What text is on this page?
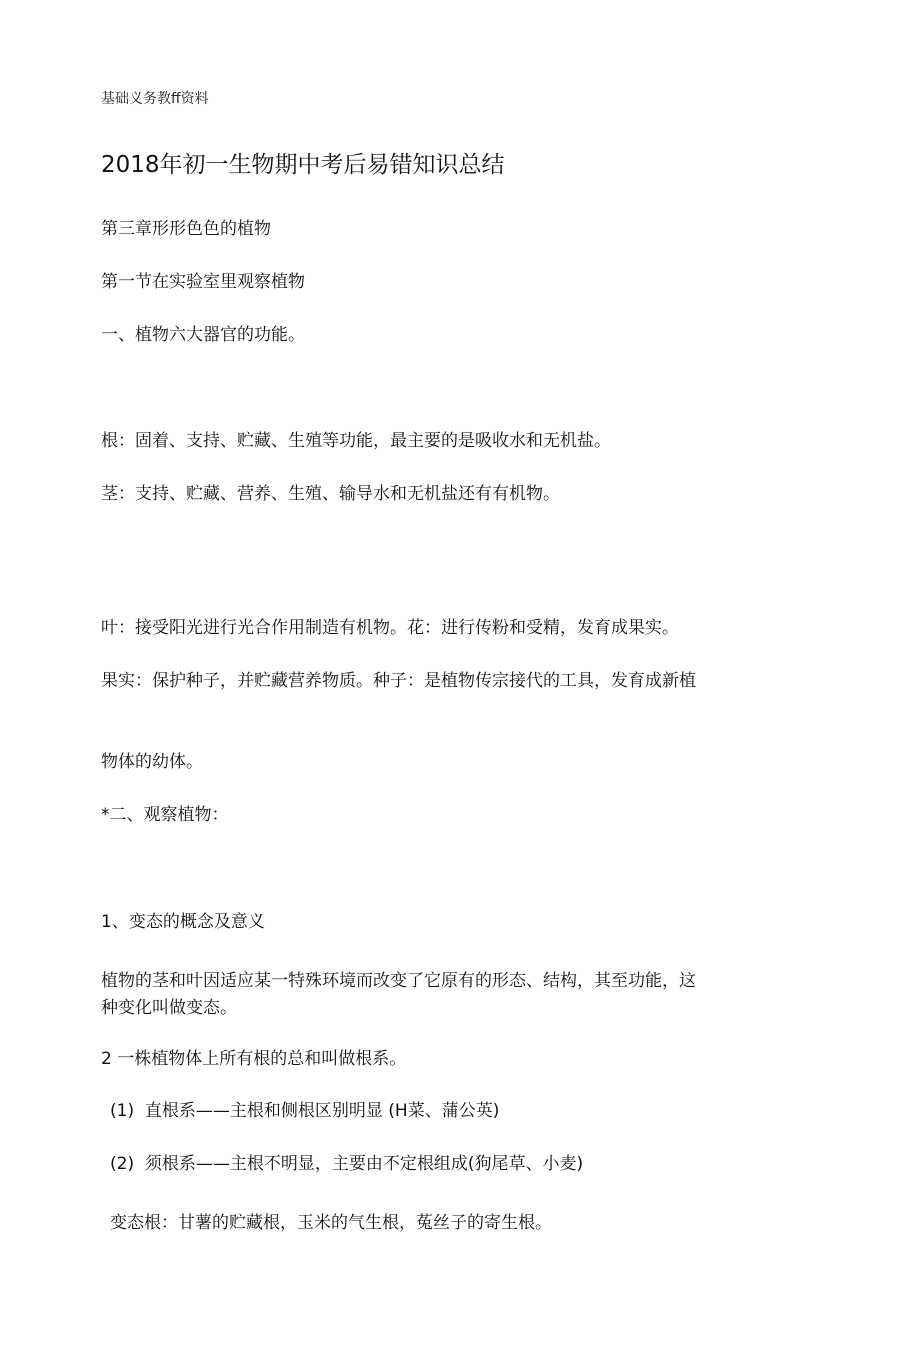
基础义务教ff资料
2018年初一生物期中考后易错知识总结
第三章形形色色的植物
第一节在实验室里观察植物
一、植物六大器官的功能。
根：固着、支持、贮藏、生殖等功能，最主要的是吸收水和无机盐。
茎：支持、贮藏、营养、生殖、输导水和无机盐还有有机物。
叶：接受阳光进行光合作用制造有机物。花：进行传粉和受精，发育成果实。
果实：保护种子，并贮藏营养物质。种子：是植物传宗接代的工具，发育成新植
物体的幼体。
*二、观察植物：
1、变态的概念及意义
植物的茎和叶因适应某一特殊环境而改变了它原有的形态、结构，其至功能，这
种变化叫做变态。
2 一株植物体上所有根的总和叫做根系。
(1)  直根系——主根和侧根区别明显 (H菜、蒲公英)
(2)  须根系——主根不明显，主要由不定根组成(狗尾草、小麦)
变态根：甘薯的贮藏根，玉米的气生根，菟丝子的寄生根。
